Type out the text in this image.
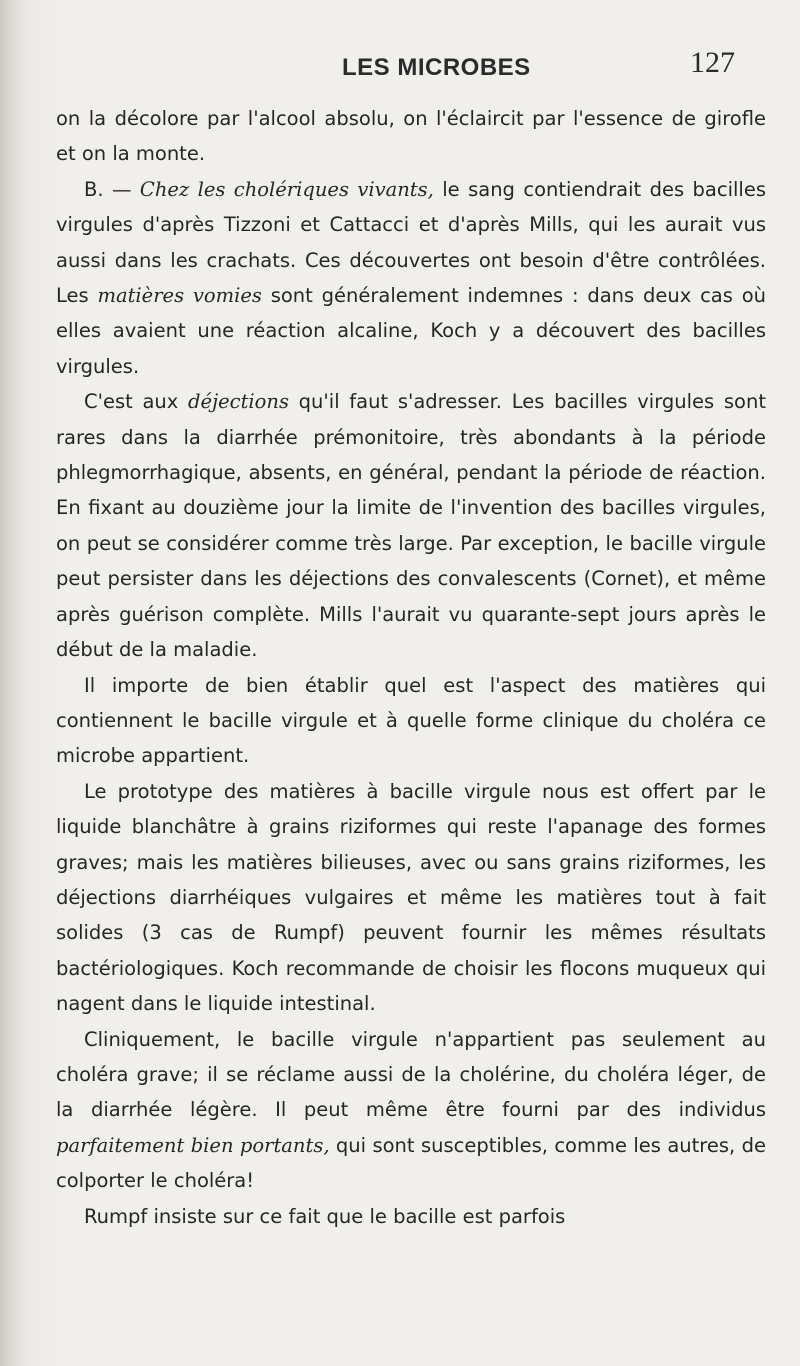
LES MICROBES	127

on la décolore par l'alcool absolu, on l'éclaircit par l'essence de girofle et on la monte.

B. — Chez les cholériques vivants, le sang contiendrait des bacilles virgules d'après Tizzoni et Cattacci et d'après Mills, qui les aurait vus aussi dans les crachats. Ces découvertes ont besoin d'être contrôlées. Les matières vomies sont généralement indemnes : dans deux cas où elles avaient une réaction alcaline, Koch y a découvert des bacilles virgules.

C'est aux déjections qu'il faut s'adresser. Les bacilles virgules sont rares dans la diarrhée prémonitoire, très abondants à la période phlegmorrhagique, absents, en général, pendant la période de réaction. En fixant au douzième jour la limite de l'invention des bacilles virgules, on peut se considérer comme très large. Par exception, le bacille virgule peut persister dans les déjections des convalescents (Cornet), et même après guérison complète. Mills l'aurait vu quarante-sept jours après le début de la maladie.

Il importe de bien établir quel est l'aspect des matières qui contiennent le bacille virgule et à quelle forme clinique du choléra ce microbe appartient.

Le prototype des matières à bacille virgule nous est offert par le liquide blanchâtre à grains riziformes qui reste l'apanage des formes graves; mais les matières bilieuses, avec ou sans grains riziformes, les déjections diarrhéiques vulgaires et même les matières tout à fait solides (3 cas de Rumpf) peuvent fournir les mêmes résultats bactériologiques. Koch recommande de choisir les flocons muqueux qui nagent dans le liquide intestinal.

Cliniquement, le bacille virgule n'appartient pas seulement au choléra grave; il se réclame aussi de la cholérine, du choléra léger, de la diarrhée légère. Il peut même être fourni par des individus parfaitement bien portants, qui sont susceptibles, comme les autres, de colporter le choléra!

Rumpf insiste sur ce fait que le bacille est parfois
